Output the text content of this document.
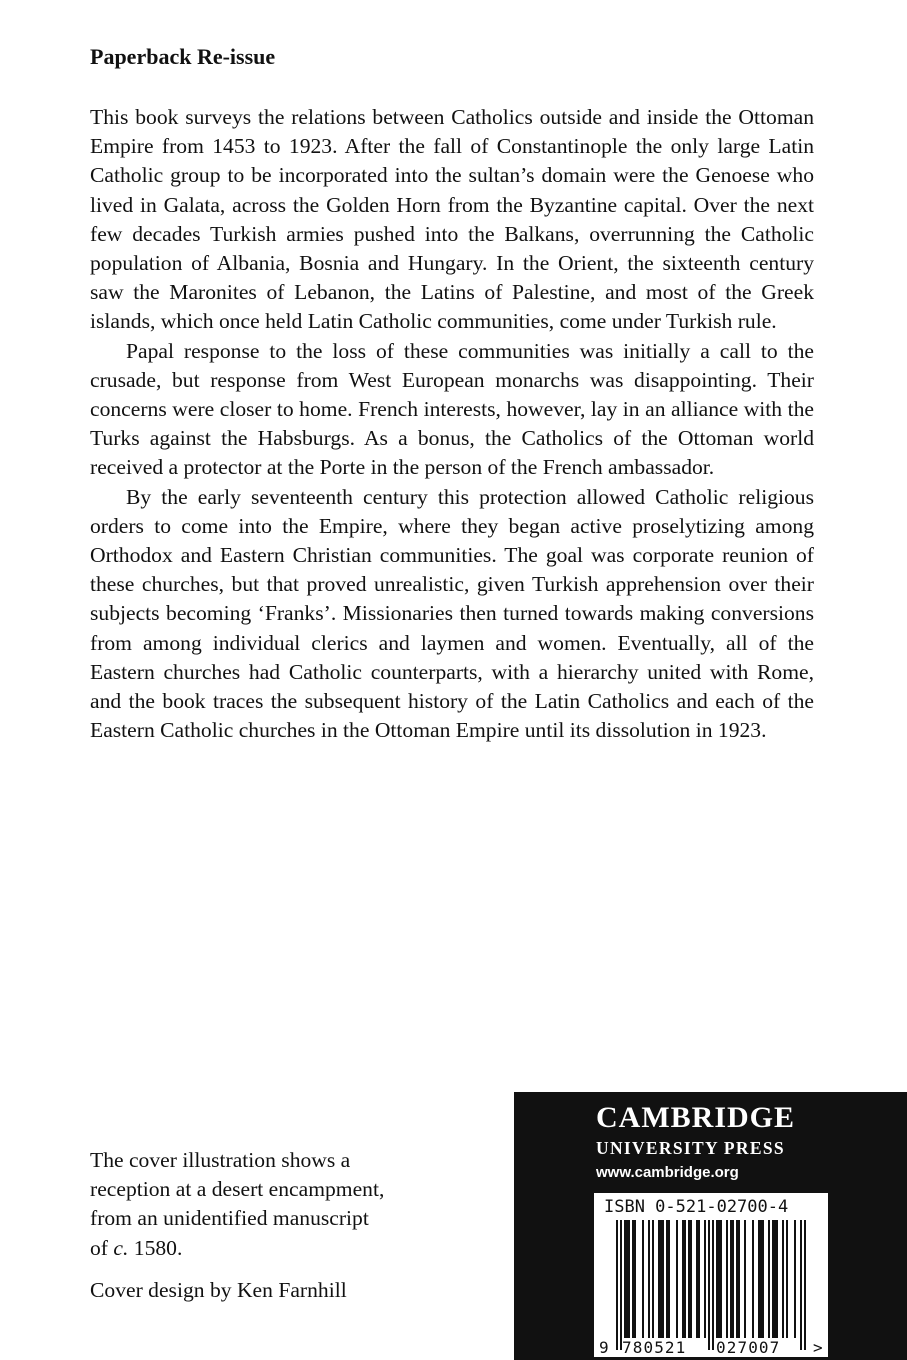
Paperback Re-issue

This book surveys the relations between Catholics outside and inside the Ottoman Empire from 1453 to 1923. After the fall of Constantinople the only large Latin Catholic group to be incorporated into the sultan’s domain were the Genoese who lived in Galata, across the Golden Horn from the Byzantine capital. Over the next few decades Turkish armies pushed into the Balkans, overrunning the Catholic population of Albania, Bosnia and Hungary. In the Orient, the sixteenth century saw the Maronites of Lebanon, the Latins of Palestine, and most of the Greek islands, which once held Latin Catholic communities, come under Turkish rule.

Papal response to the loss of these communities was initially a call to the crusade, but response from West European monarchs was disappointing. Their concerns were closer to home. French interests, however, lay in an alliance with the Turks against the Habsburgs. As a bonus, the Catholics of the Ottoman world received a protector at the Porte in the person of the French ambassador.

By the early seventeenth century this protection allowed Catholic religious orders to come into the Empire, where they began active proselytizing among Orthodox and Eastern Christian communities. The goal was corporate reunion of these churches, but that proved unrealistic, given Turkish apprehension over their subjects becoming ‘Franks’. Missionaries then turned towards making conversions from among individual clerics and laymen and women. Eventually, all of the Eastern churches had Catholic counterparts, with a hierarchy united with Rome, and the book traces the subsequent history of the Latin Catholics and each of the Eastern Catholic churches in the Ottoman Empire until its dissolution in 1923.

The cover illustration shows a
reception at a desert encampment,
from an unidentified manuscript
of c. 1580.

Cover design by Ken Farnhill

CAMBRIDGE
UNIVERSITY PRESS
www.cambridge.org
ISBN 0-521-02700-4
9 780521 027007 >
